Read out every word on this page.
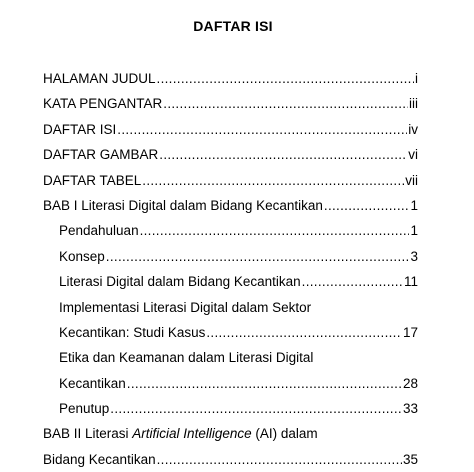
DAFTAR ISI
HALAMAN JUDUL .....	i
KATA PENGANTAR .....	iii
DAFTAR ISI .....	iv
DAFTAR GAMBAR .....	vi
DAFTAR TABEL .....	vii
BAB I Literasi Digital dalam Bidang Kecantikan .....	1
Pendahuluan .....	1
Konsep .....	3
Literasi Digital dalam Bidang Kecantikan .....	11
Implementasi Literasi Digital dalam Sektor
Kecantikan: Studi Kasus .....	17
Etika dan Keamanan dalam Literasi Digital
Kecantikan .....	28
Penutup .....	33
BAB II Literasi Artificial Intelligence (AI) dalam
Bidang Kecantikan .....	35
